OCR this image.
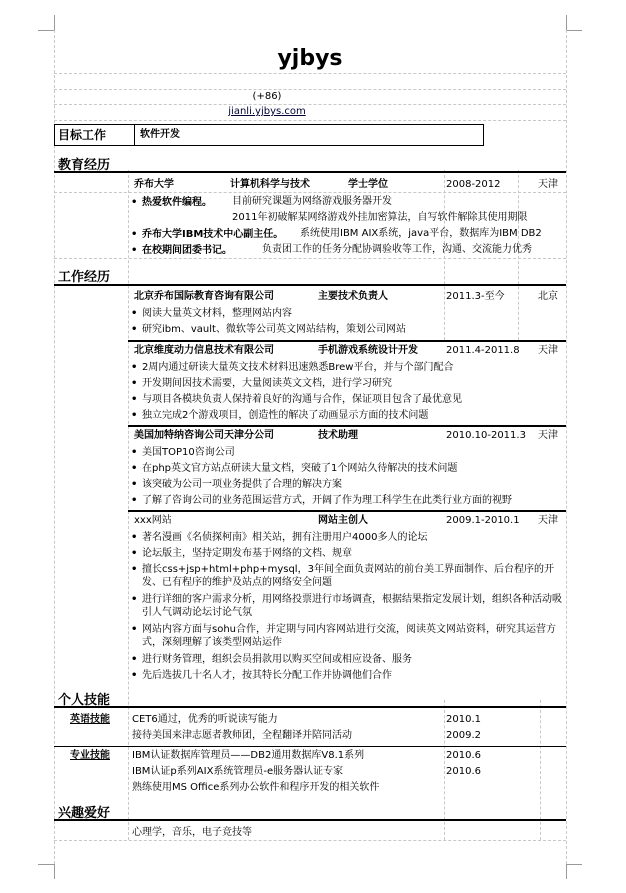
yjbys
(+86)
jianli.yjbys.com
目标工作	软件开发
教育经历
乔布大学	计算机科学与技术	学士学位	2008-2012	天津
• 热爱软件编程。 目前研究课题为网络游戏服务器开发
2011年初破解某网络游戏外挂加密算法，自写软件解除其使用期限
• 乔布大学IBM技术中心副主任。 系统使用IBM AIX系统，java平台，数据库为IBM DB2
• 在校期间团委书记。	负责团工作的任务分配协调验收等工作，沟通、交流能力优秀
工作经历
北京乔布国际教育咨询有限公司	主要技术负责人	2011.3-至今	北京
• 阅读大量英文材料，整理网站内容
• 研究ibm、vault、微软等公司英文网站结构，策划公司网站
北京维度动力信息技术有限公司	手机游戏系统设计开发	2011.4-2011.8 天津
• 2周内通过研读大量英文技术材料迅速熟悉Brew平台，并与个部门配合
• 开发期间因技术需要，大量阅读英文文档，进行学习研究
• 与项目各模块负责人保持着良好的沟通与合作，保证项目包含了最优意见
• 独立完成2个游戏项目，创造性的解决了动画显示方面的技术问题
美国加特纳咨询公司天津分公司	技术助理	2010.10-2011.3 天津
• 美国TOP10咨询公司
• 在php英文官方站点研读大量文档，突破了1个网站久待解决的技术问题
• 该突破为公司一项业务提供了合理的解决方案
• 了解了咨询公司的业务范围运营方式，开阔了作为理工科学生在此类行业方面的视野
xxx网站	网站主创人	2009.1-2010.1 天津
• 著名漫画《名侦探柯南》相关站，拥有注册用户4000多人的论坛
• 论坛版主，坚持定期发布基于网络的文档、规章
• 擅长css+jsp+html+php+mysql，3年间全面负责网站的前台美工界面制作、后台程序的开发、已有程序的维护及站点的网络安全问题
• 进行详细的客户需求分析，用网络投票进行市场调查，根据结果指定发展计划，组织各种活动吸引人气调动论坛讨论气氛
• 网站内容方面与sohu合作，并定期与同内容网站进行交流，阅读英文网站资料，研究其运营方式，深刻理解了该类型网站运作
• 进行财务管理，组织会员捐款用以购买空间或相应设备、服务
• 先后选拔几十名人才，按其特长分配工作并协调他们合作
个人技能
英语技能 CET6通过，优秀的听说读写能力	2010.1
接待美国来津志愿者教师团，全程翻译并陪同活动	2009.2
专业技能 IBM认证数据库管理员——DB2通用数据库V8.1系列	2010.6
IBM认证p系列AIX系统管理员-e服务器认证专家	2010.6
熟练使用MS Office系列办公软件和程序开发的相关软件
兴趣爱好
心理学，音乐，电子竞技等
